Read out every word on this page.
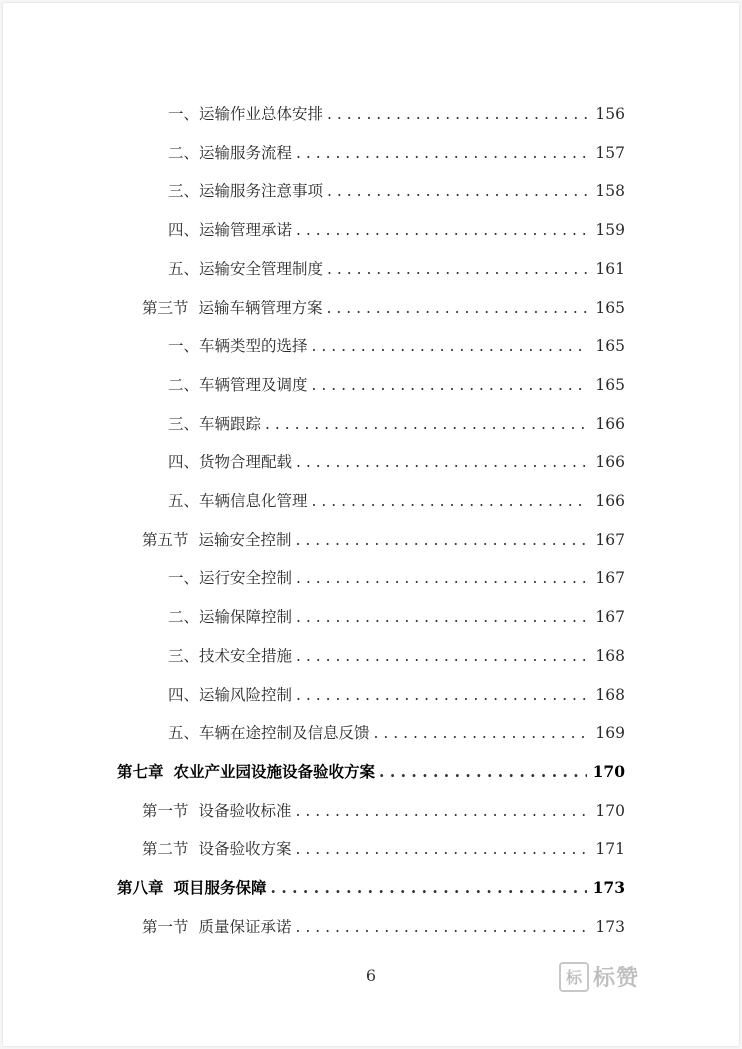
一、运输作业总体安排 . . .	156
二、运输服务流程 . . .	157
三、运输服务注意事项 . . .	158
四、运输管理承诺 . . .	159
五、运输安全管理制度 . . .	161
第三节 运输车辆管理方案 . . .	165
一、车辆类型的选择 . . .	165
二、车辆管理及调度 . . .	165
三、车辆跟踪 . . .	166
四、货物合理配载 . . .	166
五、车辆信息化管理 . . .	166
第五节 运输安全控制 . . .	167
一、运行安全控制 . . .	167
二、运输保障控制 . . .	167
三、技术安全措施 . . .	168
四、运输风险控制 . . .	168
五、车辆在途控制及信息反馈 . . .	169
第七章 农业产业园设施设备验收方案 . . .	170
第一节 设备验收标准 . . .	170
第二节 设备验收方案 . . .	171
第八章 项目服务保障 . . .	173
第一节 质量保证承诺 . . .	173
6	标 标赞
